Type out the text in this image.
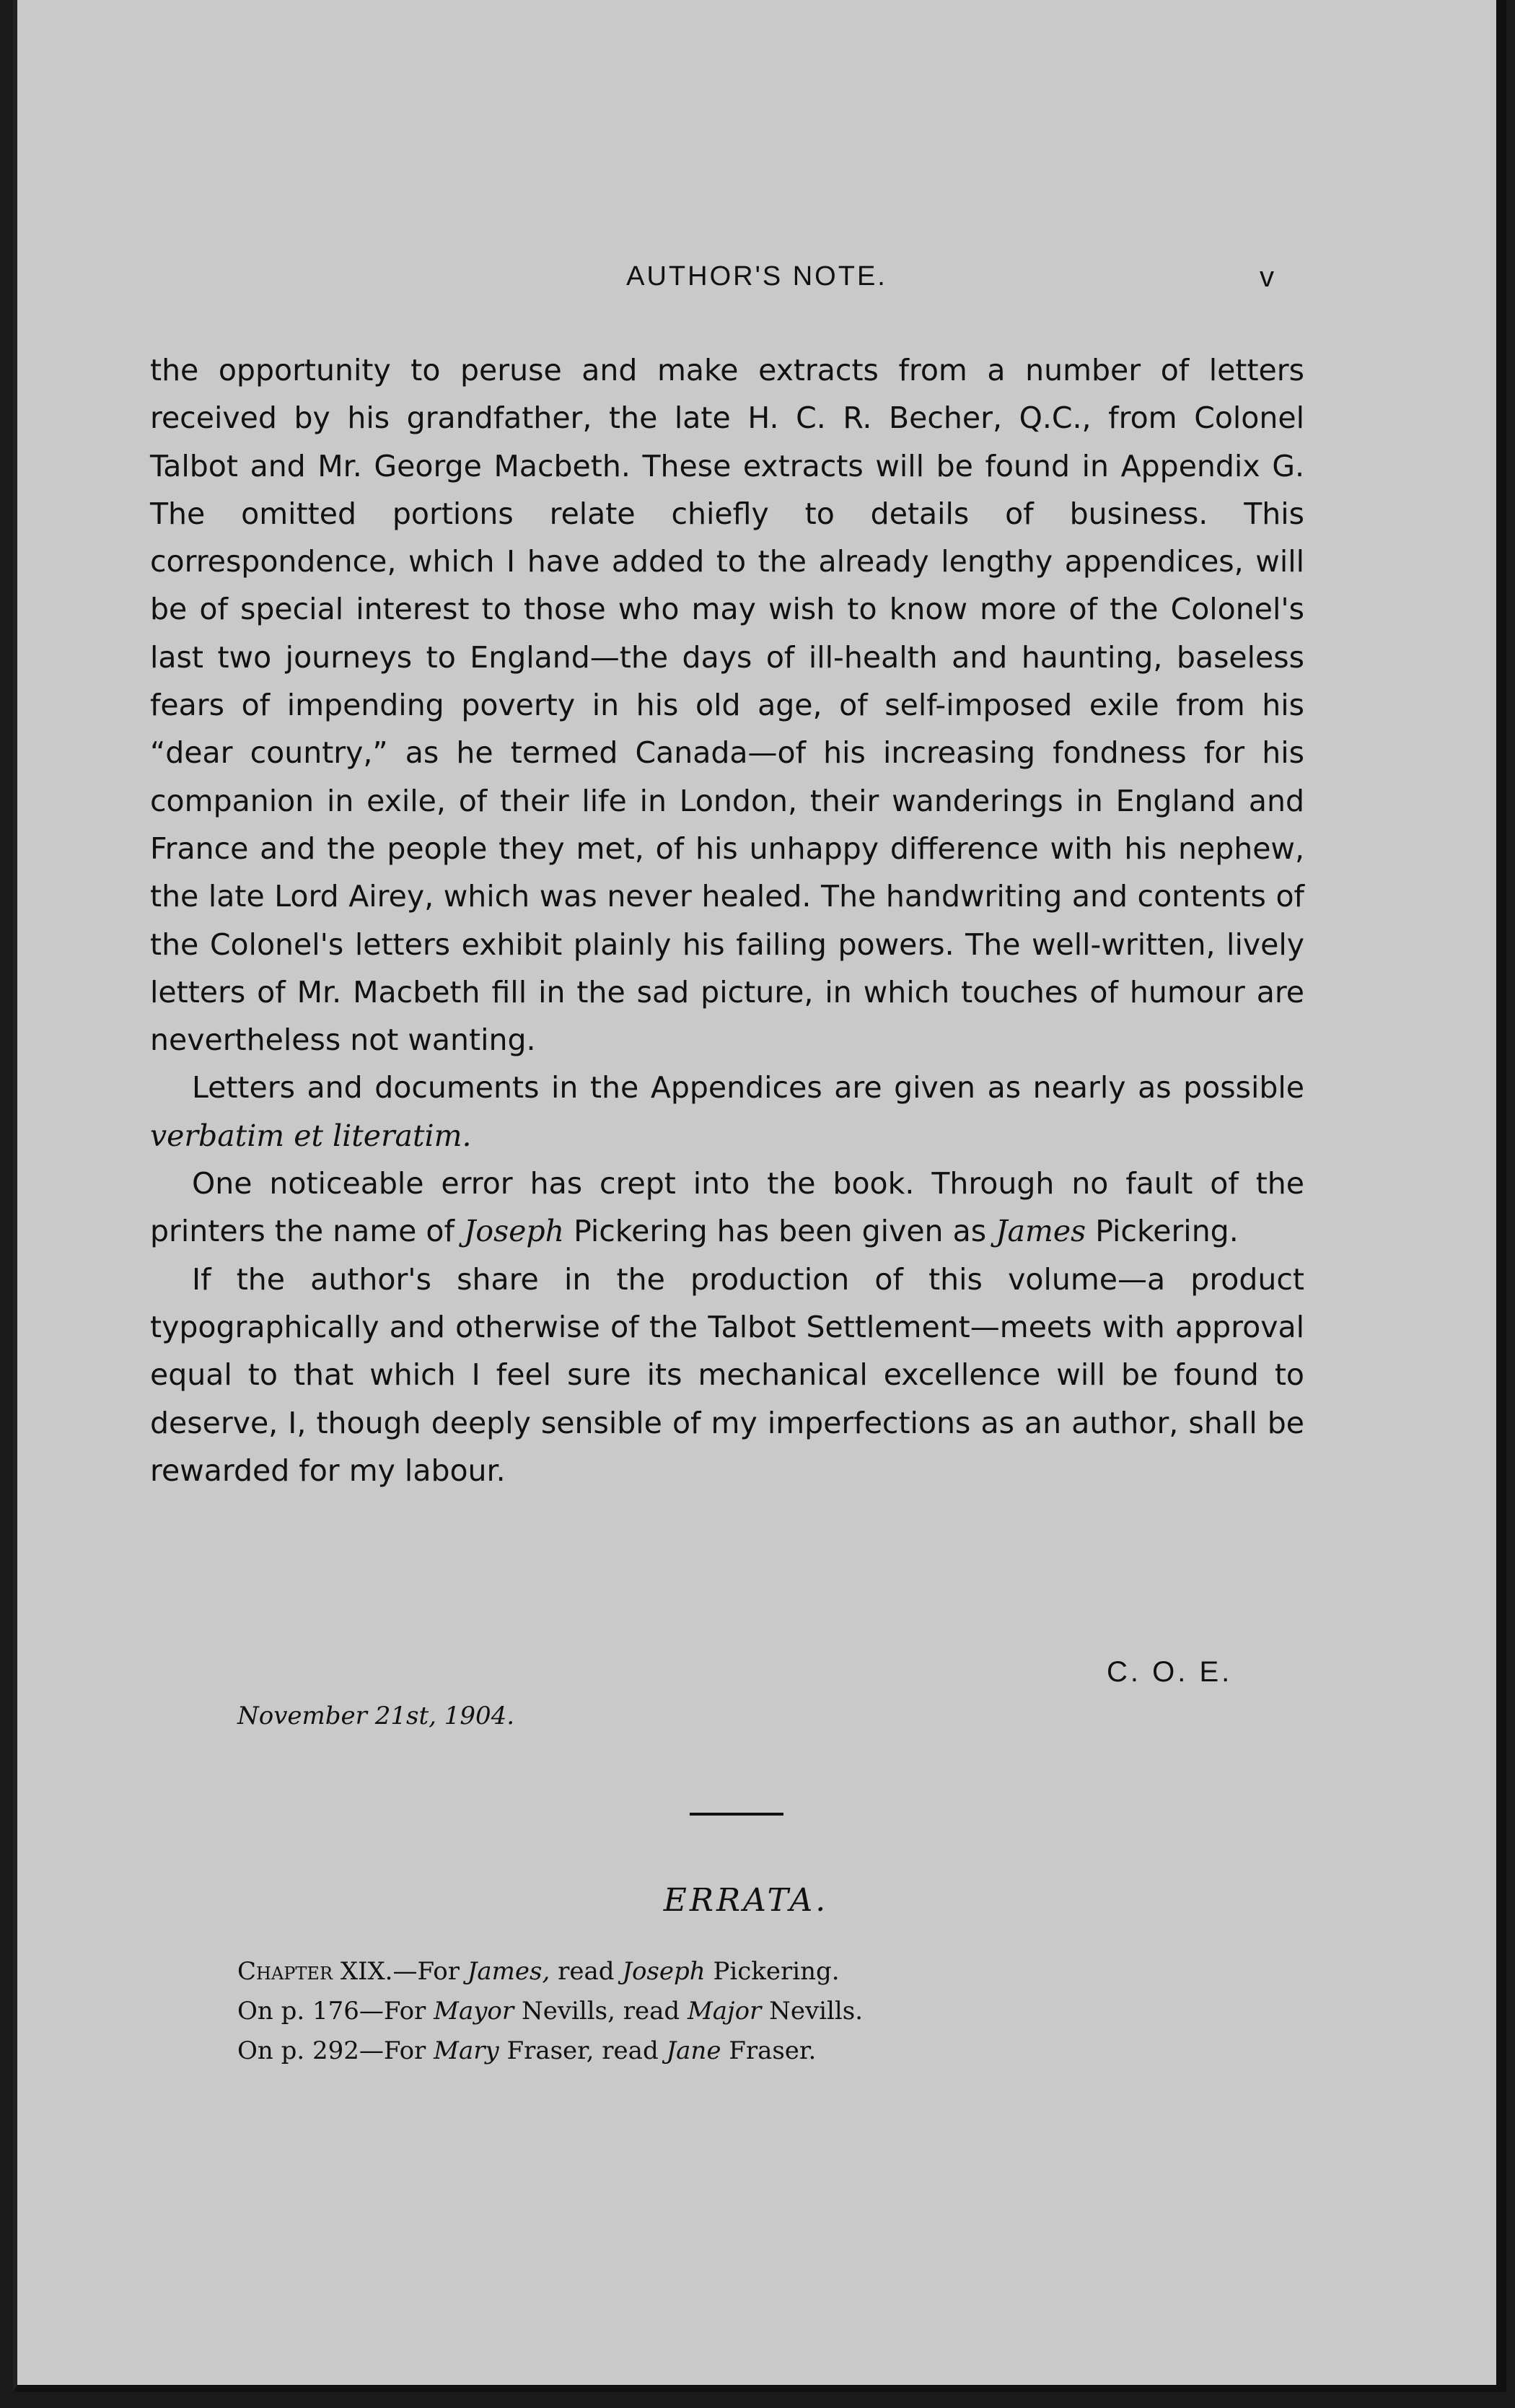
AUTHOR'S NOTE.	v

the opportunity to peruse and make extracts from a number of letters received by his grandfather, the late H. C. R. Becher, Q.C., from Colonel Talbot and Mr. George Macbeth. These extracts will be found in Appendix G. The omitted portions relate chiefly to details of business. This correspondence, which I have added to the already lengthy appendices, will be of special interest to those who may wish to know more of the Colonel's last two journeys to England—the days of ill-health and haunting, baseless fears of impending poverty in his old age, of self-imposed exile from his “dear country,” as he termed Canada—of his increasing fondness for his companion in exile, of their life in London, their wanderings in England and France and the people they met, of his unhappy difference with his nephew, the late Lord Airey, which was never healed. The handwriting and contents of the Colonel's letters exhibit plainly his failing powers. The well-written, lively letters of Mr. Macbeth fill in the sad picture, in which touches of humour are nevertheless not wanting.

Letters and documents in the Appendices are given as nearly as possible verbatim et literatim.

One noticeable error has crept into the book. Through no fault of the printers the name of Joseph Pickering has been given as James Pickering.

If the author's share in the production of this volume—a product typographically and otherwise of the Talbot Settlement—meets with approval equal to that which I feel sure its mechanical excellence will be found to deserve, I, though deeply sensible of my imperfections as an author, shall be rewarded for my labour.

C. O. E.
November 21st, 1904.
ERRATA.
Chapter XIX.—For James, read Joseph Pickering.
On p. 176—For Mayor Nevills, read Major Nevills.
On p. 292—For Mary Fraser, read Jane Fraser.
